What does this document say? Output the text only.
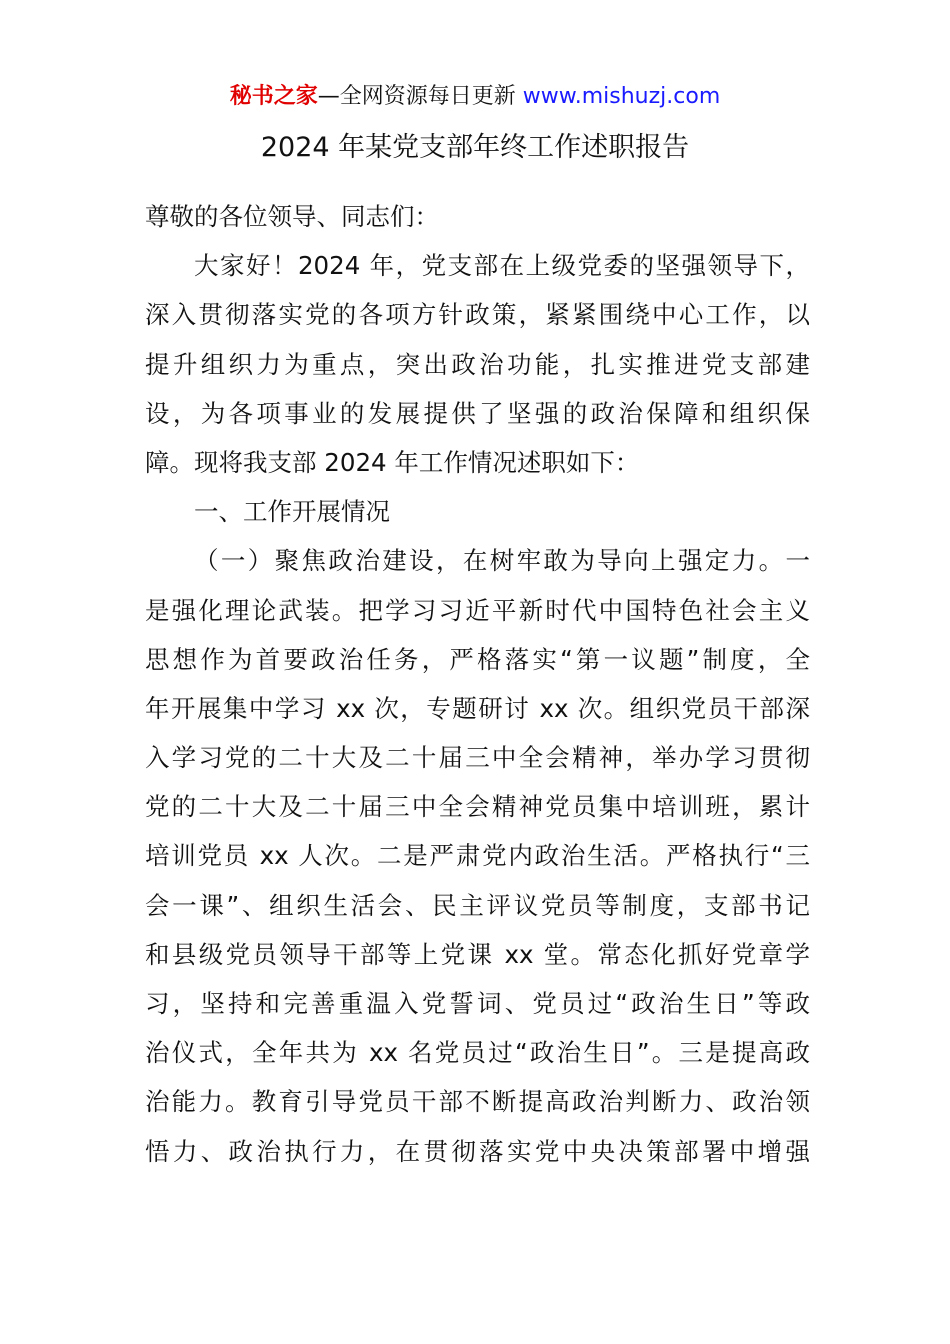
秘书之家—全网资源每日更新 www.mishuzj.com
2024 年某党支部年终工作述职报告
尊敬的各位领导、同志们：
大家好！2024 年，党支部在上级党委的坚强领导下，
深入贯彻落实党的各项方针政策，紧紧围绕中心工作，以
提升组织力为重点，突出政治功能，扎实推进党支部建
设，为各项事业的发展提供了坚强的政治保障和组织保
障。现将我支部 2024 年工作情况述职如下：
一、工作开展情况
（一）聚焦政治建设，在树牢敢为导向上强定力。一
是强化理论武装。把学习习近平新时代中国特色社会主义
思想作为首要政治任务，严格落实“第一议题”制度，全
年开展集中学习 xx 次，专题研讨 xx 次。组织党员干部深
入学习党的二十大及二十届三中全会精神，举办学习贯彻
党的二十大及二十届三中全会精神党员集中培训班，累计
培训党员 xx 人次。二是严肃党内政治生活。严格执行“三
会一课”、组织生活会、民主评议党员等制度，支部书记
和县级党员领导干部等上党课 xx 堂。常态化抓好党章学
习，坚持和完善重温入党誓词、党员过“政治生日”等政
治仪式，全年共为 xx 名党员过“政治生日”。三是提高政
治能力。教育引导党员干部不断提高政治判断力、政治领
悟力、政治执行力，在贯彻落实党中央决策部署中增强
